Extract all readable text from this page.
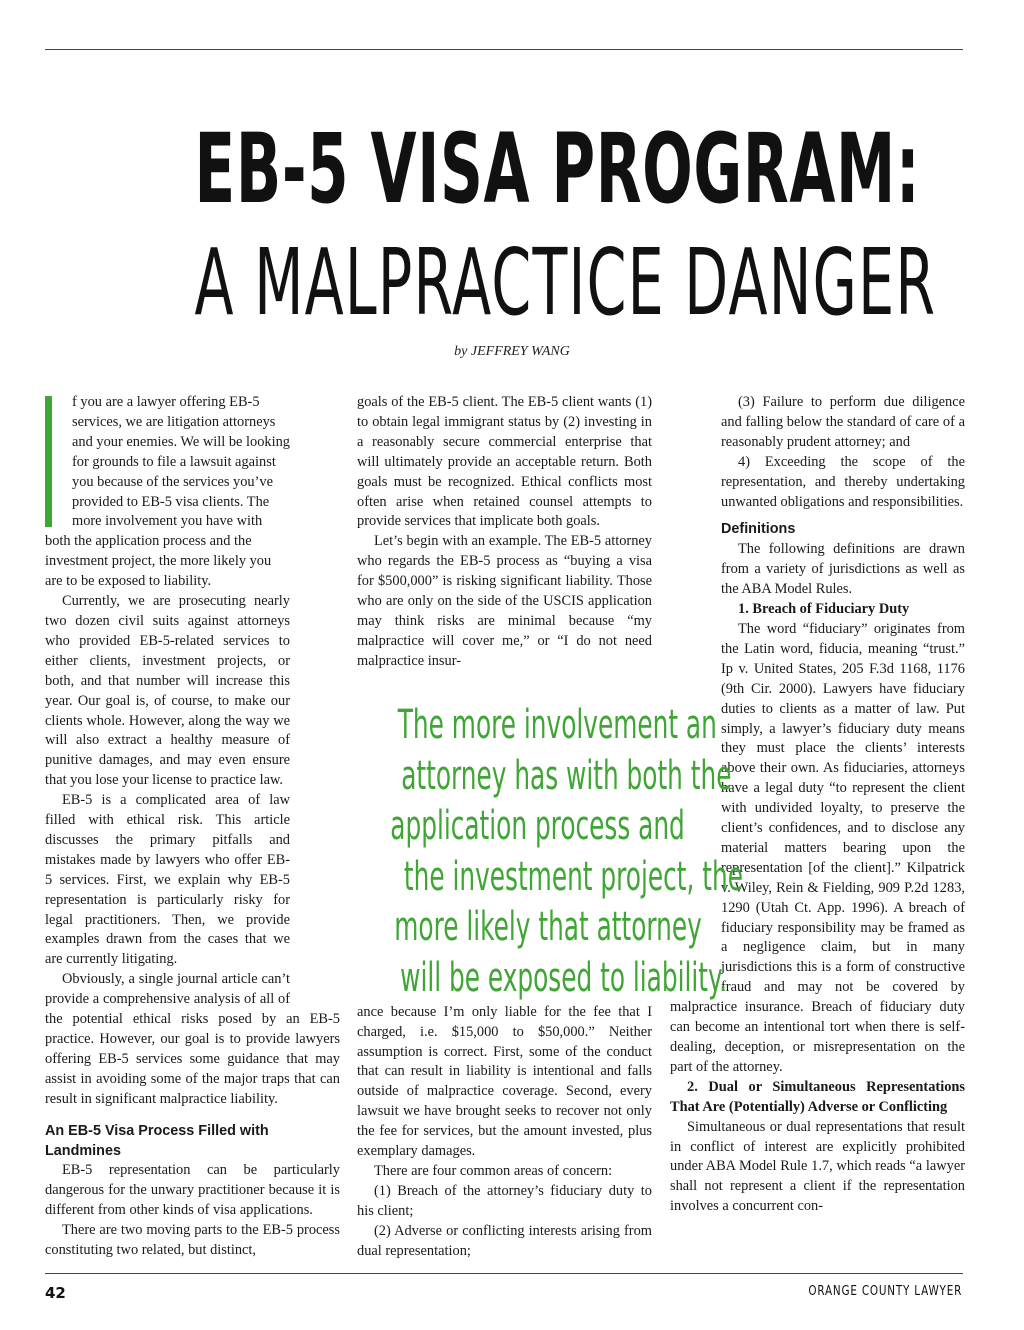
EB-5 VISA PROGRAM:
A MALPRACTICE DANGER
by JEFFREY WANG

f you are a lawyer offering EB-5 services, we are litigation attorneys and your enemies. We will be looking for grounds to file a lawsuit against you because of the services you’ve provided to EB-5 visa clients. The more involvement you have with both the application process and the investment project, the more likely you are to be exposed to liability.

Currently, we are prosecuting nearly two dozen civil suits against attorneys who provided EB-5-related services to either clients, investment projects, or both, and that number will increase this year. Our goal is, of course, to make our clients whole. However, along the way we will also extract a healthy measure of punitive damages, and may even ensure that you lose your license to practice law.

EB-5 is a complicated area of law filled with ethical risk. This article discusses the primary pitfalls and mistakes made by lawyers who offer EB-5 services. First, we explain why EB-5 representation is particularly risky for legal practitioners. Then, we provide examples drawn from the cases that we are currently litigating.

Obviously, a single journal article can’t provide a comprehensive analysis of all of the potential ethical risks posed by an EB-5 practice. However, our goal is to provide lawyers offering EB-5 services some guidance that may assist in avoiding some of the major traps that can result in significant malpractice liability.

An EB-5 Visa Process Filled with Landmines

EB-5 representation can be particularly dangerous for the unwary practitioner because it is different from other kinds of visa applications.

There are two moving parts to the EB-5 process constituting two related, but distinct,

goals of the EB-5 client. The EB-5 client wants (1) to obtain legal immigrant status by (2) investing in a reasonably secure commercial enterprise that will ultimately provide an acceptable return. Both goals must be recognized. Ethical conflicts most often arise when retained counsel attempts to provide services that implicate both goals.

Let’s begin with an example. The EB-5 attorney who regards the EB-5 process as “buying a visa for $500,000” is risking significant liability. Those who are only on the side of the USCIS application may think risks are minimal because “my malpractice will cover me,” or “I do not need malpractice insur-

ance because I’m only liable for the fee that I charged, i.e. $15,000 to $50,000.” Neither assumption is correct. First, some of the conduct that can result in liability is intentional and falls outside of malpractice coverage. Second, every lawsuit we have brought seeks to recover not only the fee for services, but the amount invested, plus exemplary damages.

There are four common areas of concern:

(1) Breach of the attorney’s fiduciary duty to his client;

(2) Adverse or conflicting interests arising from dual representation;

(3) Failure to perform due diligence and falling below the standard of care of a reasonably prudent attorney; and

4) Exceeding the scope of the representation, and thereby undertaking unwanted obligations and responsibilities.

Definitions

The following definitions are drawn from a variety of jurisdictions as well as the ABA Model Rules.

1. Breach of Fiduciary Duty

The word “fiduciary” originates from the Latin word, fiducia, meaning “trust.” Ip v. United States, 205 F.3d 1168, 1176 (9th Cir. 2000). Lawyers have fiduciary duties to clients as a matter of law. Put simply, a lawyer’s fiduciary duty means they must place the clients’ interests above their own. As fiduciaries, attorneys have a legal duty “to represent the client with undivided loyalty, to preserve the client’s confidences, and to disclose any material matters bearing upon the representation [of the client].” Kilpatrick v. Wiley, Rein & Fielding, 909 P.2d 1283, 1290 (Utah Ct. App. 1996). A breach of fiduciary responsibility may be framed as a negligence claim, but in many jurisdictions this is a form of constructive fraud and may not be covered by malpractice insurance. Breach of fiduciary duty can become an intentional tort when there is self-dealing, deception, or misrepresentation on the part of the attorney.

2. Dual or Simultaneous Representations That Are (Potentially) Adverse or Conflicting

Simultaneous or dual representations that result in conflict of interest are explicitly prohibited under ABA Model Rule 1.7, which reads “a lawyer shall not represent a client if the representation involves a concurrent con-

The more involvement an
attorney has with both the
application process and
the investment project, the
more likely that attorney
will be exposed to liability.
42	ORANGE COUNTY LAWYER
